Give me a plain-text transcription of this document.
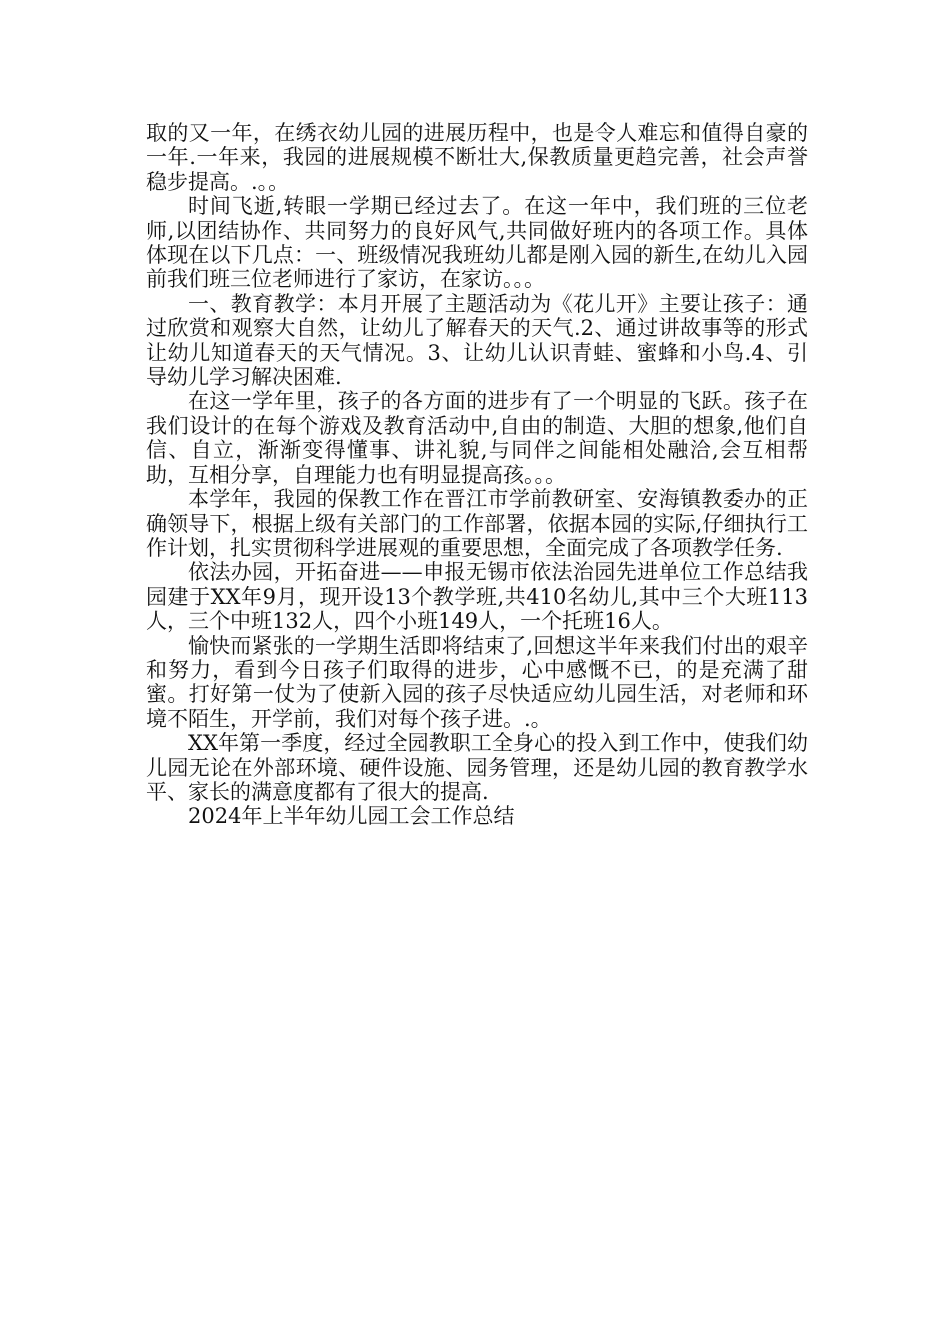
取的又一年，在绣衣幼儿园的进展历程中，也是令人难忘和值得自豪的一年.一年来，我园的进展规模不断壮大,保教质量更趋完善，社会声誉稳步提高。.。。

时间飞逝,转眼一学期已经过去了。在这一年中，我们班的三位老师,以团结协作、共同努力的良好风气,共同做好班内的各项工作。具体体现在以下几点：一、班级情况我班幼儿都是刚入园的新生,在幼儿入园前我们班三位老师进行了家访，在家访。。。

一、教育教学：本月开展了主题活动为《花儿开》主要让孩子：通过欣赏和观察大自然，让幼儿了解春天的天气.2、通过讲故事等的形式让幼儿知道春天的天气情况。3、让幼儿认识青蛙、蜜蜂和小鸟.4、引导幼儿学习解决困难.

在这一学年里，孩子的各方面的进步有了一个明显的飞跃。孩子在我们设计的在每个游戏及教育活动中,自由的制造、大胆的想象,他们自信、自立，渐渐变得懂事、讲礼貌,与同伴之间能相处融洽,会互相帮助，互相分享，自理能力也有明显提高孩。。。

本学年，我园的保教工作在晋江市学前教研室、安海镇教委办的正确领导下，根据上级有关部门的工作部署，依据本园的实际,仔细执行工作计划，扎实贯彻科学进展观的重要思想，全面完成了各项教学任务.

依法办园，开拓奋进——申报无锡市依法治园先进单位工作总结我园建于XX年9月，现开设13个教学班,共410名幼儿,其中三个大班113人，三个中班132人，四个小班149人，一个托班16人。

愉快而紧张的一学期生活即将结束了,回想这半年来我们付出的艰辛和努力，看到今日孩子们取得的进步，心中感慨不已，的是充满了甜蜜。打好第一仗为了使新入园的孩子尽快适应幼儿园生活，对老师和环境不陌生，开学前，我们对每个孩子进。.。

XX年第一季度，经过全园教职工全身心的投入到工作中，使我们幼儿园无论在外部环境、硬件设施、园务管理，还是幼儿园的教育教学水平、家长的满意度都有了很大的提高.

2024年上半年幼儿园工会工作总结
